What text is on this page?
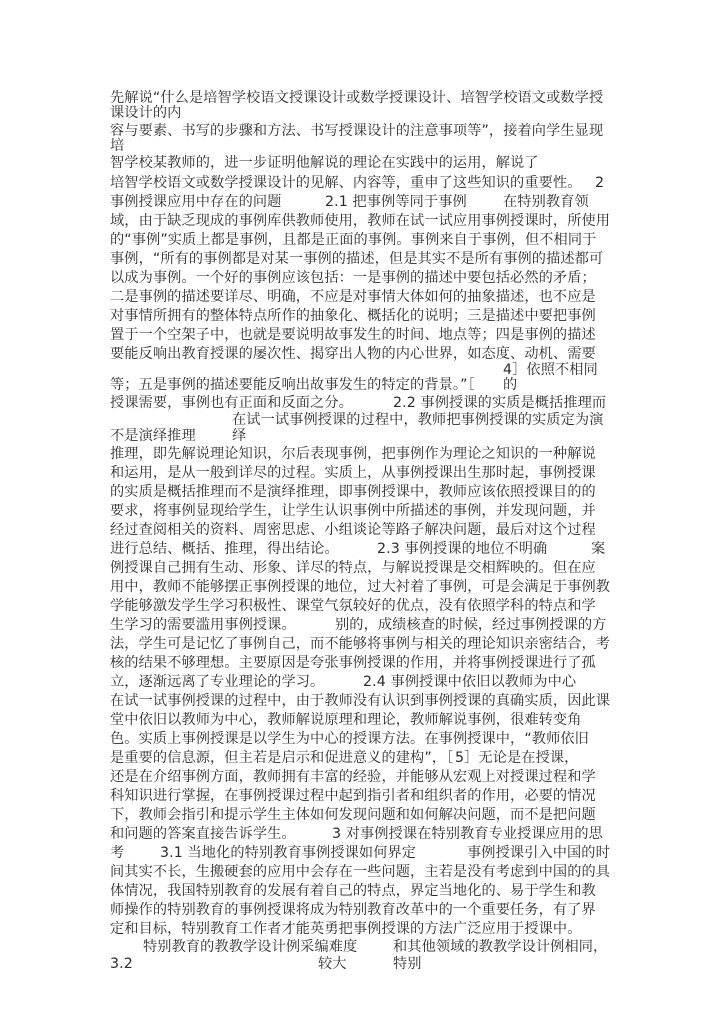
先解说“什么是培智学校语文授课设计或数学授课设计、培智学校语文或数学授
课设计的内
容与要素、书写的步骤和方法、书写授课设计的注意事项等”，接着向学生显现
培
智学校某教师的，进一步证明他解说的理论在实践中的运用，解说了
培智学校语文或数学授课设计的见解、内容等，重申了这些知识的重要性。 2
事例授课应用中存在的问题	2.1 把事例等同于事例	在特别教育领
域，由于缺乏现成的事例库供教师使用，教师在试一试应用事例授课时，所使用
的“事例”实质上都是事例，且都是正面的事例。事例来自于事例，但不相同于
事例，“所有的事例都是对某一事例的描述，但是其实不是所有事例的描述都可
以成为事例。一个好的事例应该包括：一是事例的描述中要包括必然的矛盾；
二是事例的描述要详尽、明确，不应是对事情大体如何的抽象描述，也不应是
对事情所拥有的整体特点所作的抽象化、概括化的说明；三是描述中要把事例
置于一个空架子中，也就是要说明故事发生的时间、地点等；四是事例的描述
要能反响出教育授课的屡次性、揭穿出人物的内心世界，如态度、动机、需要
4］依照不相同
等；五是事例的描述要能反响出故事发生的特定的背景。”［ 的
授课需要，事例也有正面和反面之分。	2.2 事例授课的实质是概括推理而
在试一试事例授课的过程中，教师把事例授课的实质定为演
不是演绎推理	绎
推理，即先解说理论知识，尔后表现事例，把事例作为理论之知识的一种解说
和运用，是从一般到详尽的过程。实质上，从事例授课出生那时起，事例授课
的实质是概括推理而不是演绎推理，即事例授课中，教师应该依照授课目的的
要求，将事例显现给学生，让学生认识事例中所描述的事例，并发现问题，并
经过查阅相关的资料、周密思虑、小组谈论等路子解决问题，最后对这个过程
进行总结、概括、推理，得出结论。	2.3 事例授课的地位不明确	案
例授课自己拥有生动、形象、详尽的特点，与解说授课是交相辉映的。但在应
用中，教师不能够摆正事例授课的地位，过大衬着了事例，可是会满足于事例教
学能够激发学生学习积极性、课堂气氛较好的优点，没有依照学科的特点和学
生学习的需要滥用事例授课。	别的，成绩核查的时候，经过事例授课的方
法，学生可是记忆了事例自己，而不能够将事例与相关的理论知识亲密结合，考
核的结果不够理想。主要原因是夸张事例授课的作用，并将事例授课进行了孤
立，逐渐远离了专业理论的学习。	2.4 事例授课中依旧以教师为中心
在试一试事例授课的过程中，由于教师没有认识到事例授课的真确实质，因此课
堂中依旧以教师为中心，教师解说原理和理论，教师解说事例，很难转变角
色。实质上事例授课是以学生为中心的授课方法。在事例授课中，“教师依旧
是重要的信息源，但主若是启示和促进意义的建构”，［ 5］无论是在授课，
还是在介绍事例方面，教师拥有丰富的经验，并能够从宏观上对授课过程和学
科知识进行掌握，在事例授课过程中起到指引者和组织者的作用，必要的情况
下，教师会指引和提示学生主体如何发现问题和如何解决问题，而不是把问题
和问题的答案直接告诉学生。	3 对事例授课在特别教育专业授课应用的思
考	3.1 当地化的特别教育事例授课如何界定	事例授课引入中国的时
间其实不长，生搬硬套的应用中会存在一些问题，主若是没有考虑到中国的的具
体情况，我国特别教育的发展有着自己的特点，界定当地化的、易于学生和教
师操作的特别教育的事例授课将成为特别教育改革中的一个重要任务，有了界
定和目标，特别教育工作者才能英勇把事例授课的方法广泛应用于授课中。
特别教育的教教学设计例采编难度	和其他领域的教教学设计例相同，
3.2	较大	特别
